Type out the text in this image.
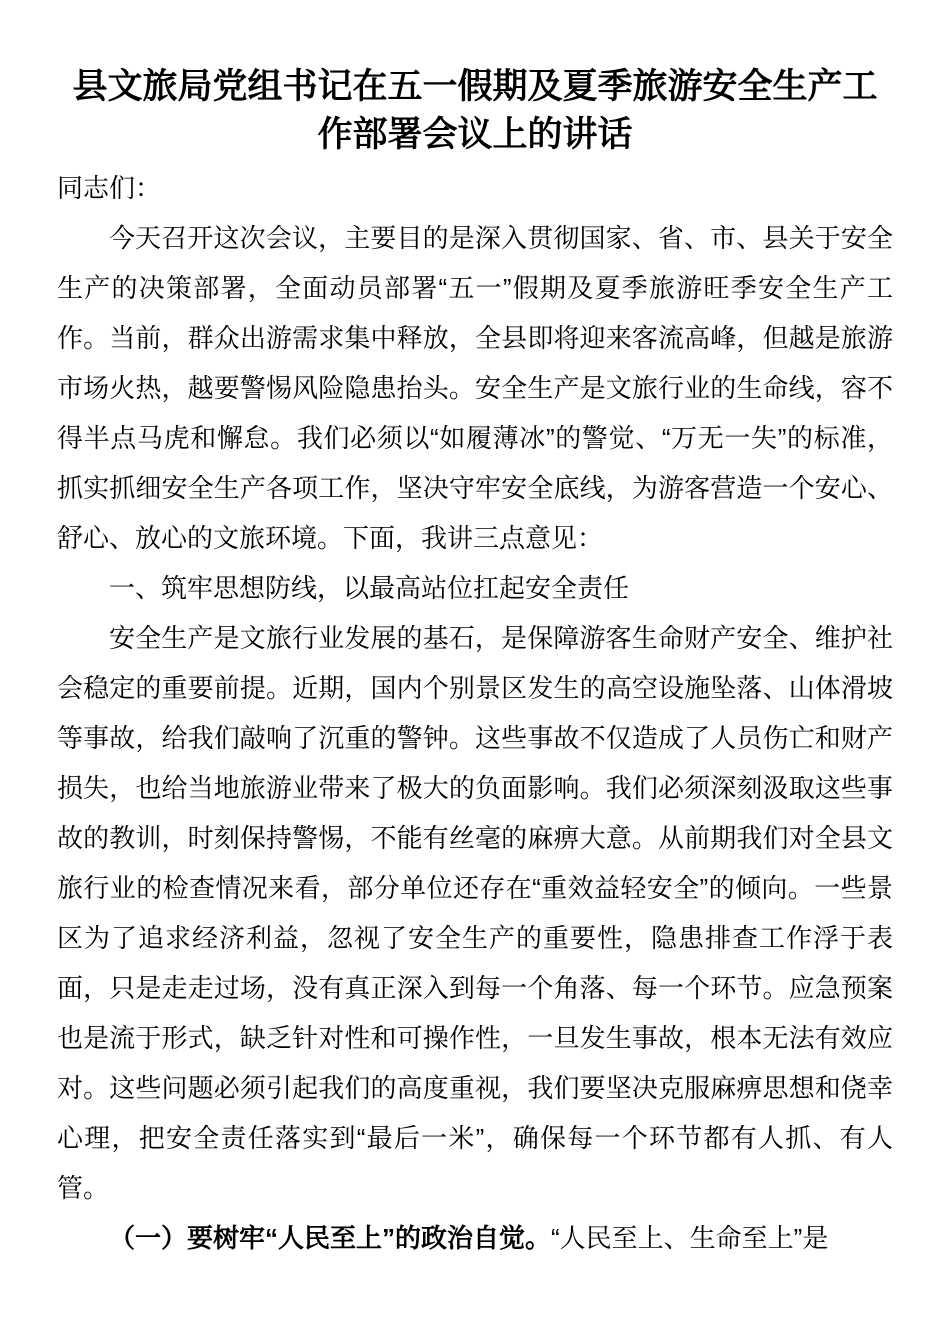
县文旅局党组书记在五一假期及夏季旅游安全生产工作部署会议上的讲话

同志们：

今天召开这次会议，主要目的是深入贯彻国家、省、市、县关于安全生产的决策部署，全面动员部署“五一”假期及夏季旅游旺季安全生产工作。当前，群众出游需求集中释放，全县即将迎来客流高峰，但越是旅游市场火热，越要警惕风险隐患抬头。安全生产是文旅行业的生命线，容不得半点马虎和懈怠。我们必须以“如履薄冰”的警觉、“万无一失”的标准，抓实抓细安全生产各项工作，坚决守牢安全底线，为游客营造一个安心、舒心、放心的文旅环境。下面，我讲三点意见：

一、筑牢思想防线，以最高站位扛起安全责任

安全生产是文旅行业发展的基石，是保障游客生命财产安全、维护社会稳定的重要前提。近期，国内个别景区发生的高空设施坠落、山体滑坡等事故，给我们敲响了沉重的警钟。这些事故不仅造成了人员伤亡和财产损失，也给当地旅游业带来了极大的负面影响。我们必须深刻汲取这些事故的教训，时刻保持警惕，不能有丝毫的麻痹大意。从前期我们对全县文旅行业的检查情况来看，部分单位还存在“重效益轻安全”的倾向。一些景区为了追求经济利益，忽视了安全生产的重要性，隐患排查工作浮于表面，只是走走过场，没有真正深入到每一个角落、每一个环节。应急预案也是流于形式，缺乏针对性和可操作性，一旦发生事故，根本无法有效应对。这些问题必须引起我们的高度重视，我们要坚决克服麻痹思想和侥幸心理，把安全责任落实到“最后一米”，确保每一个环节都有人抓、有人管。

（一）要树牢“人民至上”的政治自觉。“人民至上、生命至上”是
